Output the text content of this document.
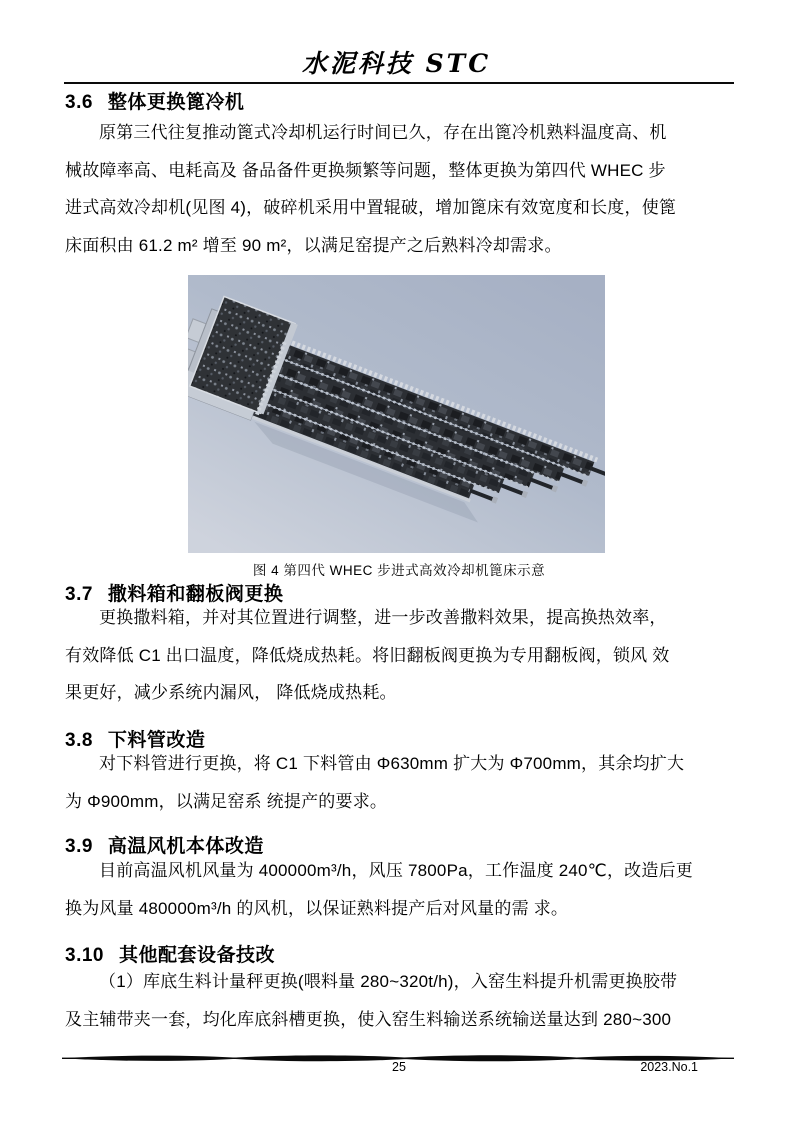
水泥科技 STC
3.6 整体更换篦冷机
原第三代往复推动篦式冷却机运行时间已久，存在出篦冷机熟料温度高、机
械故障率高、电耗高及 备品备件更换频繁等问题，整体更换为第四代 WHEC 步
进式高效冷却机(见图 4)，破碎机采用中置辊破，增加篦床有效宽度和长度，使篦
床面积由 61.2 m² 增至 90 m²，以满足窑提产之后熟料冷却需求。
图 4 第四代 WHEC 步进式高效冷却机篦床示意
3.7 撒料箱和翻板阀更换
更换撒料箱，并对其位置进行调整，进一步改善撒料效果，提高换热效率，
有效降低 C1 出口温度，降低烧成热耗。将旧翻板阀更换为专用翻板阀，锁风 效
果更好，减少系统内漏风， 降低烧成热耗。
3.8 下料管改造
对下料管进行更换，将 C1 下料管由 Φ630mm 扩大为 Φ700mm，其余均扩大
为 Φ900mm，以满足窑系 统提产的要求。
3.9 高温风机本体改造
目前高温风机风量为 400000m³/h，风压 7800Pa，工作温度 240℃，改造后更
换为风量 480000m³/h 的风机，以保证熟料提产后对风量的需 求。
3.10 其他配套设备技改
（1）库底生料计量秤更换(喂料量 280~320t/h)，入窑生料提升机需更换胶带
及主辅带夹一套，均化库底斜槽更换，使入窑生料输送系统输送量达到 280~300
25	2023.No.1
